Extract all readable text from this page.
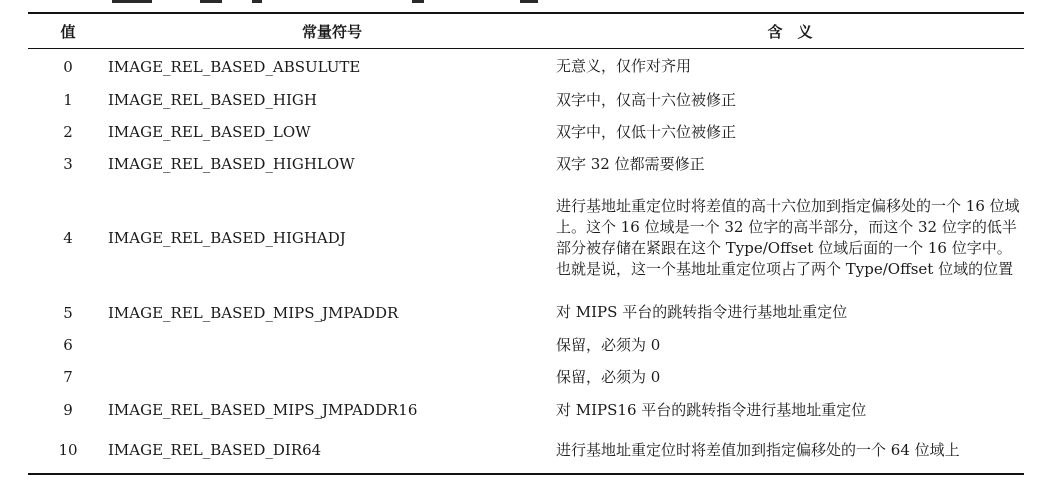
值	常量符号	含　义
0	IMAGE_REL_BASED_ABSULUTE	无意义，仅作对齐用
1	IMAGE_REL_BASED_HIGH	双字中，仅高十六位被修正
2	IMAGE_REL_BASED_LOW	双字中，仅低十六位被修正
3	IMAGE_REL_BASED_HIGHLOW	双字 32 位都需要修正
4	IMAGE_REL_BASED_HIGHADJ	进行基地址重定位时将差值的高十六位加到指定偏移处的一个 16 位域上。这个 16 位域是一个 32 位字的高半部分，而这个 32 位字的低半部分被存储在紧跟在这个 Type/Offset 位域后面的一个 16 位字中。也就是说，这一个基地址重定位项占了两个 Type/Offset 位域的位置
5	IMAGE_REL_BASED_MIPS_JMPADDR	对 MIPS 平台的跳转指令进行基地址重定位
6		保留，必须为 0
7		保留，必须为 0
9	IMAGE_REL_BASED_MIPS_JMPADDR16	对 MIPS16 平台的跳转指令进行基地址重定位
10	IMAGE_REL_BASED_DIR64	进行基地址重定位时将差值加到指定偏移处的一个 64 位域上
